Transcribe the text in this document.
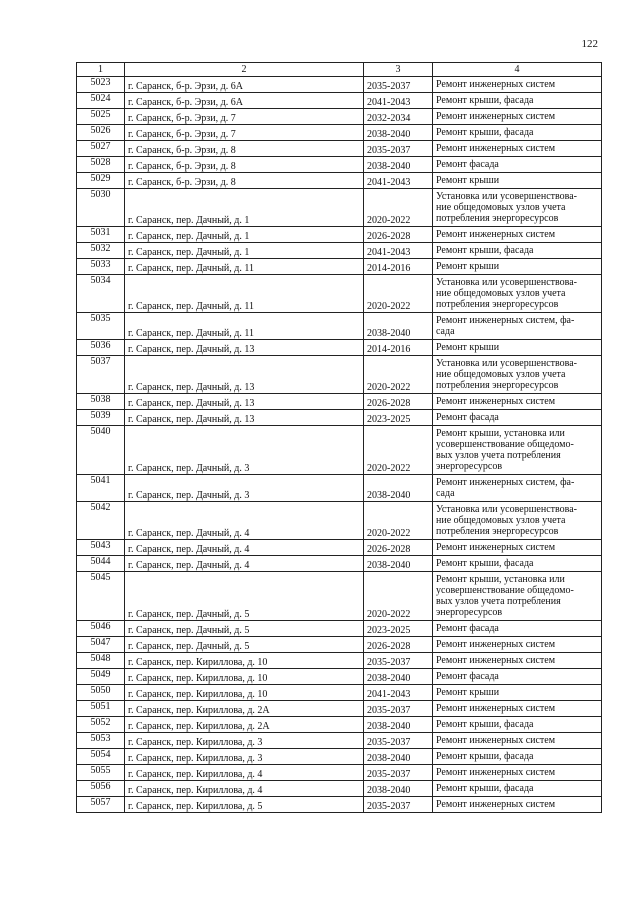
122
1	2	3	4
5023	г. Саранск, б-р. Эрзи, д. 6А	2035-2037	Ремонт инженерных систем
5024	г. Саранск, б-р. Эрзи, д. 6А	2041-2043	Ремонт крыши, фасада
5025	г. Саранск, б-р. Эрзи, д. 7	2032-2034	Ремонт инженерных систем
5026	г. Саранск, б-р. Эрзи, д. 7	2038-2040	Ремонт крыши, фасада
5027	г. Саранск, б-р. Эрзи, д. 8	2035-2037	Ремонт инженерных систем
5028	г. Саранск, б-р. Эрзи, д. 8	2038-2040	Ремонт фасада
5029	г. Саранск, б-р. Эрзи, д. 8	2041-2043	Ремонт крыши
5030	г. Саранск, пер. Дачный, д. 1	2020-2022	Установка или усовершенствова-
ние общедомовых узлов учета
потребления энергоресурсов
5031	г. Саранск, пер. Дачный, д. 1	2026-2028	Ремонт инженерных систем
5032	г. Саранск, пер. Дачный, д. 1	2041-2043	Ремонт крыши, фасада
5033	г. Саранск, пер. Дачный, д. 11	2014-2016	Ремонт крыши
5034	г. Саранск, пер. Дачный, д. 11	2020-2022	Установка или усовершенствова-
ние общедомовых узлов учета
потребления энергоресурсов
5035	г. Саранск, пер. Дачный, д. 11	2038-2040	Ремонт инженерных систем, фа-
сада
5036	г. Саранск, пер. Дачный, д. 13	2014-2016	Ремонт крыши
5037	г. Саранск, пер. Дачный, д. 13	2020-2022	Установка или усовершенствова-
ние общедомовых узлов учета
потребления энергоресурсов
5038	г. Саранск, пер. Дачный, д. 13	2026-2028	Ремонт инженерных систем
5039	г. Саранск, пер. Дачный, д. 13	2023-2025	Ремонт фасада
5040	г. Саранск, пер. Дачный, д. 3	2020-2022	Ремонт крыши, установка или
усовершенствование общедомо-
вых узлов учета потребления
энергоресурсов
5041	г. Саранск, пер. Дачный, д. 3	2038-2040	Ремонт инженерных систем, фа-
сада
5042	г. Саранск, пер. Дачный, д. 4	2020-2022	Установка или усовершенствова-
ние общедомовых узлов учета
потребления энергоресурсов
5043	г. Саранск, пер. Дачный, д. 4	2026-2028	Ремонт инженерных систем
5044	г. Саранск, пер. Дачный, д. 4	2038-2040	Ремонт крыши, фасада
5045	г. Саранск, пер. Дачный, д. 5	2020-2022	Ремонт крыши, установка или
усовершенствование общедомо-
вых узлов учета потребления
энергоресурсов
5046	г. Саранск, пер. Дачный, д. 5	2023-2025	Ремонт фасада
5047	г. Саранск, пер. Дачный, д. 5	2026-2028	Ремонт инженерных систем
5048	г. Саранск, пер. Кириллова, д. 10	2035-2037	Ремонт инженерных систем
5049	г. Саранск, пер. Кириллова, д. 10	2038-2040	Ремонт фасада
5050	г. Саранск, пер. Кириллова, д. 10	2041-2043	Ремонт крыши
5051	г. Саранск, пер. Кириллова, д. 2А	2035-2037	Ремонт инженерных систем
5052	г. Саранск, пер. Кириллова, д. 2А	2038-2040	Ремонт крыши, фасада
5053	г. Саранск, пер. Кириллова, д. 3	2035-2037	Ремонт инженерных систем
5054	г. Саранск, пер. Кириллова, д. 3	2038-2040	Ремонт крыши, фасада
5055	г. Саранск, пер. Кириллова, д. 4	2035-2037	Ремонт инженерных систем
5056	г. Саранск, пер. Кириллова, д. 4	2038-2040	Ремонт крыши, фасада
5057	г. Саранск, пер. Кириллова, д. 5	2035-2037	Ремонт инженерных систем
